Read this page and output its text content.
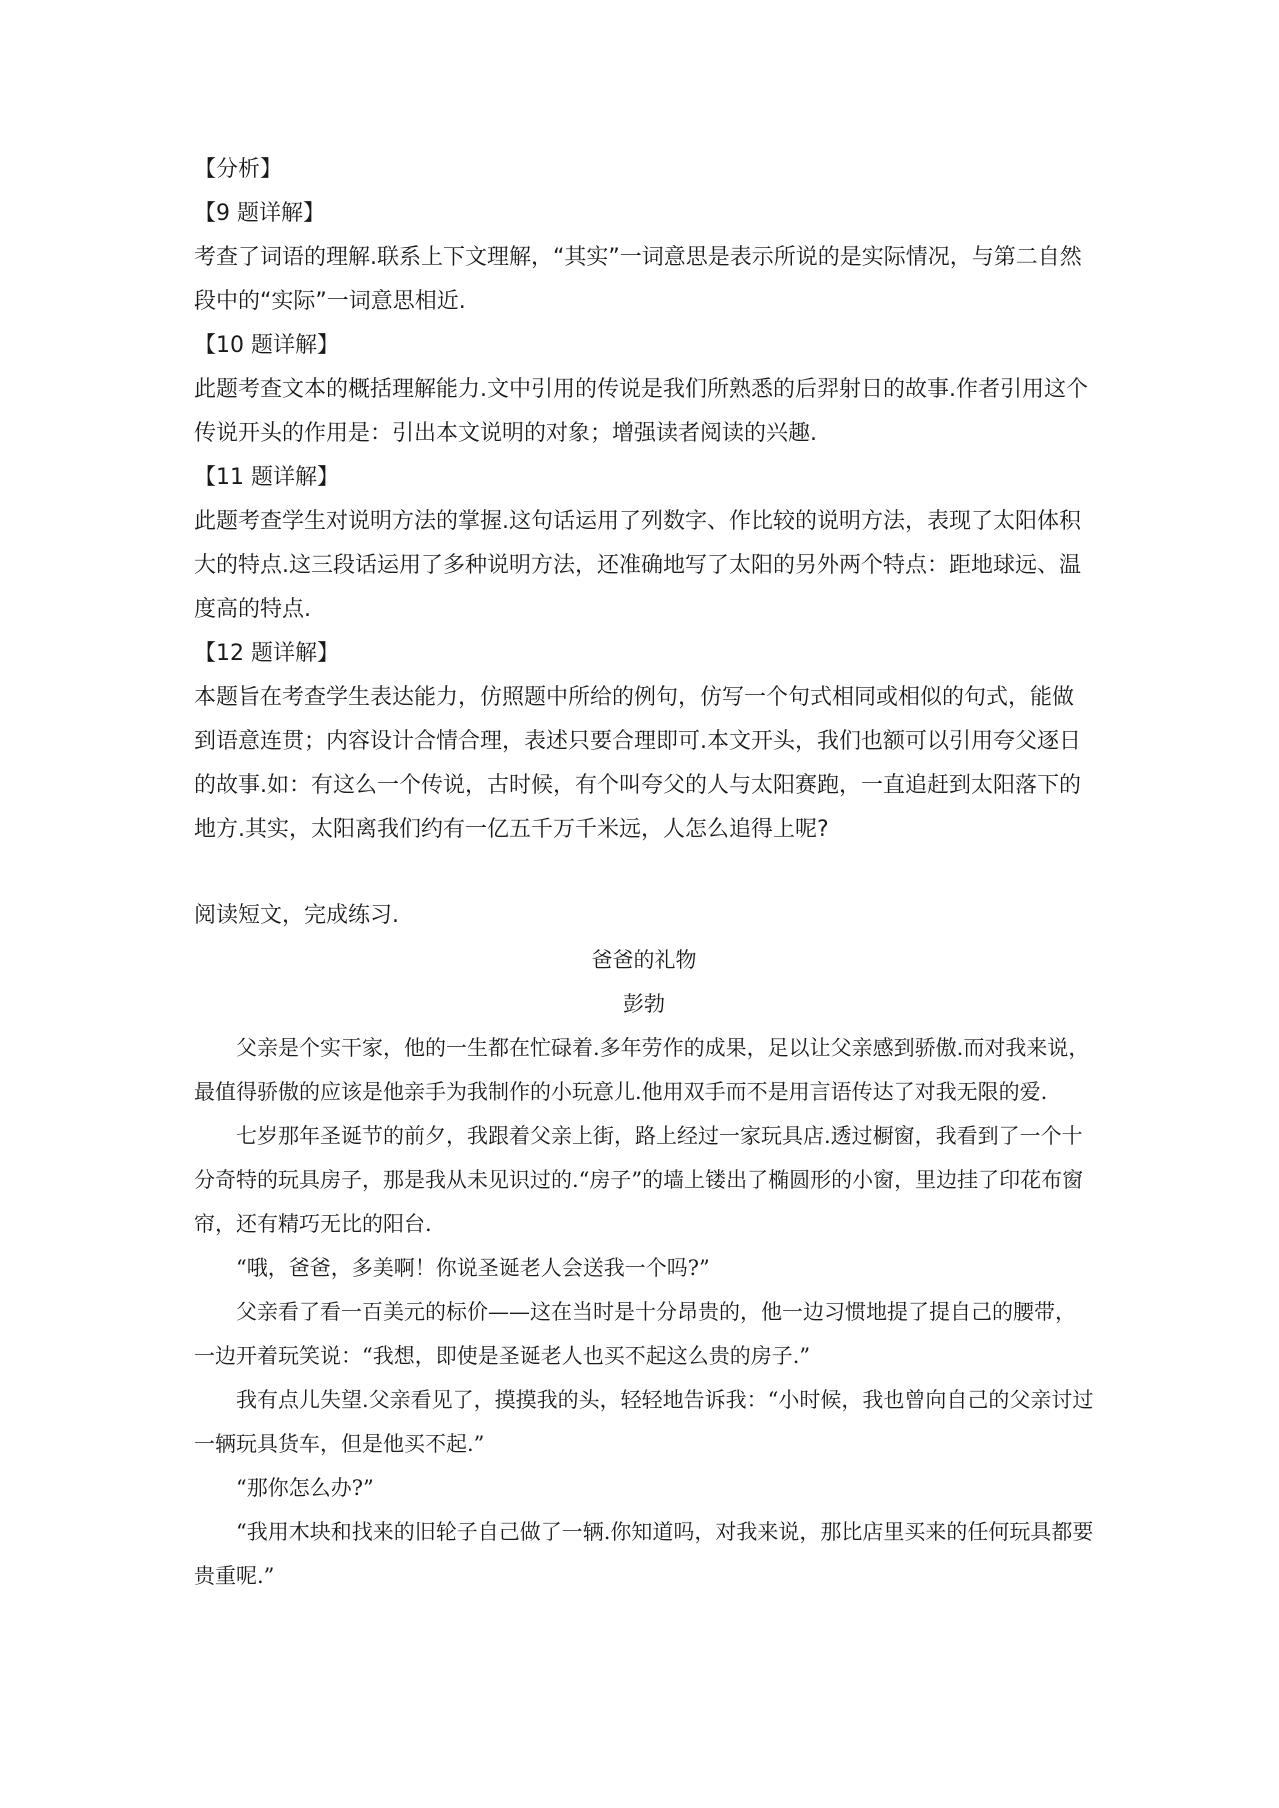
【分析】

【9 题详解】

考查了词语的理解.联系上下文理解，“其实”一词意思是表示所说的是实际情况，与第二自然段中的“实际”一词意思相近.

【10 题详解】

此题考查文本的概括理解能力.文中引用的传说是我们所熟悉的后羿射日的故事.作者引用这个传说开头的作用是：引出本文说明的对象；增强读者阅读的兴趣.

【11 题详解】

此题考查学生对说明方法的掌握.这句话运用了列数字、作比较的说明方法，表现了太阳体积大的特点.这三段话运用了多种说明方法，还准确地写了太阳的另外两个特点：距地球远、温度高的特点.

【12 题详解】

本题旨在考查学生表达能力，仿照题中所给的例句，仿写一个句式相同或相似的句式，能做到语意连贯；内容设计合情合理，表述只要合理即可.本文开头，我们也额可以引用夸父逐日的故事.如：有这么一个传说，古时候，有个叫夸父的人与太阳赛跑，一直追赶到太阳落下的地方.其实，太阳离我们约有一亿五千万千米远，人怎么追得上呢?

阅读短文，完成练习.

爸爸的礼物

彭勃

父亲是个实干家，他的一生都在忙碌着.多年劳作的成果，足以让父亲感到骄傲.而对我来说，最值得骄傲的应该是他亲手为我制作的小玩意儿.他用双手而不是用言语传达了对我无限的爱.

七岁那年圣诞节的前夕，我跟着父亲上街，路上经过一家玩具店.透过橱窗，我看到了一个十分奇特的玩具房子，那是我从未见识过的.“房子”的墙上镂出了椭圆形的小窗，里边挂了印花布窗帘，还有精巧无比的阳台.

“哦，爸爸，多美啊！你说圣诞老人会送我一个吗?”

父亲看了看一百美元的标价——这在当时是十分昂贵的，他一边习惯地提了提自己的腰带，一边开着玩笑说：“我想，即使是圣诞老人也买不起这么贵的房子.”

我有点儿失望.父亲看见了，摸摸我的头，轻轻地告诉我：“小时候，我也曾向自己的父亲讨过一辆玩具货车，但是他买不起.”

“那你怎么办?”

“我用木块和找来的旧轮子自己做了一辆.你知道吗，对我来说，那比店里买来的任何玩具都要贵重呢.”
